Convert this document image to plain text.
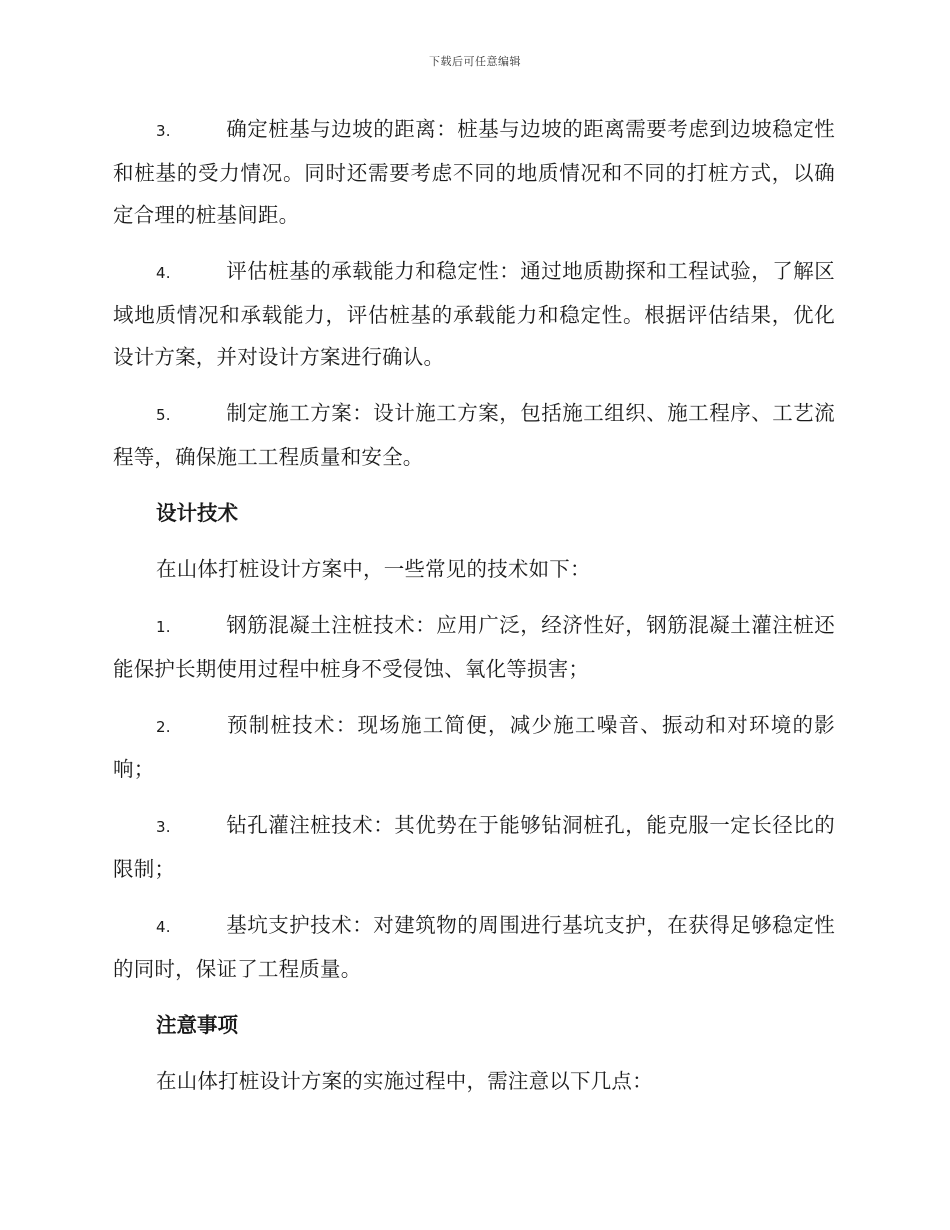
下载后可任意编辑

3.	确定桩基与边坡的距离：桩基与边坡的距离需要考虑到边坡稳定性和桩基的受力情况。同时还需要考虑不同的地质情况和不同的打桩方式，以确定合理的桩基间距。

4.	评估桩基的承载能力和稳定性：通过地质勘探和工程试验，了解区域地质情况和承载能力，评估桩基的承载能力和稳定性。根据评估结果，优化设计方案，并对设计方案进行确认。

5.	制定施工方案：设计施工方案，包括施工组织、施工程序、工艺流程等，确保施工工程质量和安全。

设计技术

在山体打桩设计方案中，一些常见的技术如下：

1.	钢筋混凝土注桩技术：应用广泛，经济性好，钢筋混凝土灌注桩还能保护长期使用过程中桩身不受侵蚀、氧化等损害；

2.	预制桩技术：现场施工简便，减少施工噪音、振动和对环境的影响；

3.	钻孔灌注桩技术：其优势在于能够钻洞桩孔，能克服一定长径比的限制；

4.	基坑支护技术：对建筑物的周围进行基坑支护，在获得足够稳定性的同时，保证了工程质量。

注意事项

在山体打桩设计方案的实施过程中，需注意以下几点：
